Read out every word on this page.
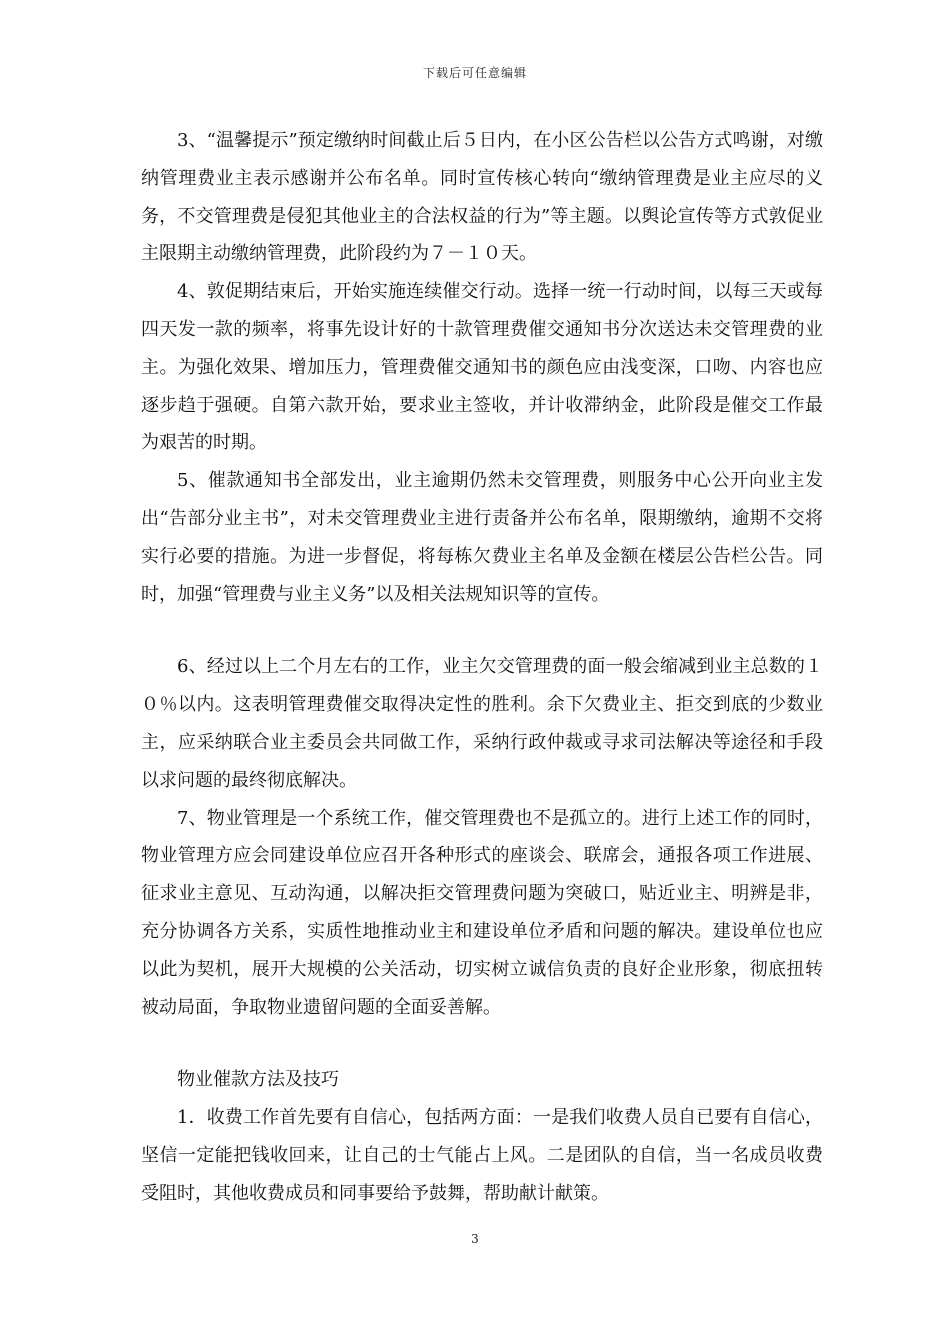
下载后可任意编辑

3、“温馨提示”预定缴纳时间截止后５日内，在小区公告栏以公告方式鸣谢，对缴纳管理费业主表示感谢并公布名单。同时宣传核心转向“缴纳管理费是业主应尽的义务，不交管理费是侵犯其他业主的合法权益的行为”等主题。以舆论宣传等方式敦促业主限期主动缴纳管理费，此阶段约为７－１０天。

4、敦促期结束后，开始实施连续催交行动。选择一统一行动时间，以每三天或每四天发一款的频率，将事先设计好的十款管理费催交通知书分次送达未交管理费的业主。为强化效果、增加压力，管理费催交通知书的颜色应由浅变深，口吻、内容也应逐步趋于强硬。自第六款开始，要求业主签收，并计收滞纳金，此阶段是催交工作最为艰苦的时期。

5、催款通知书全部发出，业主逾期仍然未交管理费，则服务中心公开向业主发出“告部分业主书”，对未交管理费业主进行责备并公布名单，限期缴纳，逾期不交将实行必要的措施。为进一步督促，将每栋欠费业主名单及金额在楼层公告栏公告。同时，加强“管理费与业主义务”以及相关法规知识等的宣传。

6、经过以上二个月左右的工作，业主欠交管理费的面一般会缩减到业主总数的１０％以内。这表明管理费催交取得决定性的胜利。余下欠费业主、拒交到底的少数业主，应采纳联合业主委员会共同做工作，采纳行政仲裁或寻求司法解决等途径和手段以求问题的最终彻底解决。

7、物业管理是一个系统工作，催交管理费也不是孤立的。进行上述工作的同时，物业管理方应会同建设单位应召开各种形式的座谈会、联席会，通报各项工作进展、征求业主意见、互动沟通，以解决拒交管理费问题为突破口，贴近业主、明辨是非，充分协调各方关系，实质性地推动业主和建设单位矛盾和问题的解决。建设单位也应以此为契机，展开大规模的公关活动，切实树立诚信负责的良好企业形象，彻底扭转被动局面，争取物业遗留问题的全面妥善解。

物业催款方法及技巧

1．收费工作首先要有自信心，包括两方面：一是我们收费人员自已要有自信心，坚信一定能把钱收回来，让自己的士气能占上风。二是团队的自信，当一名成员收费受阻时，其他收费成员和同事要给予鼓舞，帮助献计献策。

3
